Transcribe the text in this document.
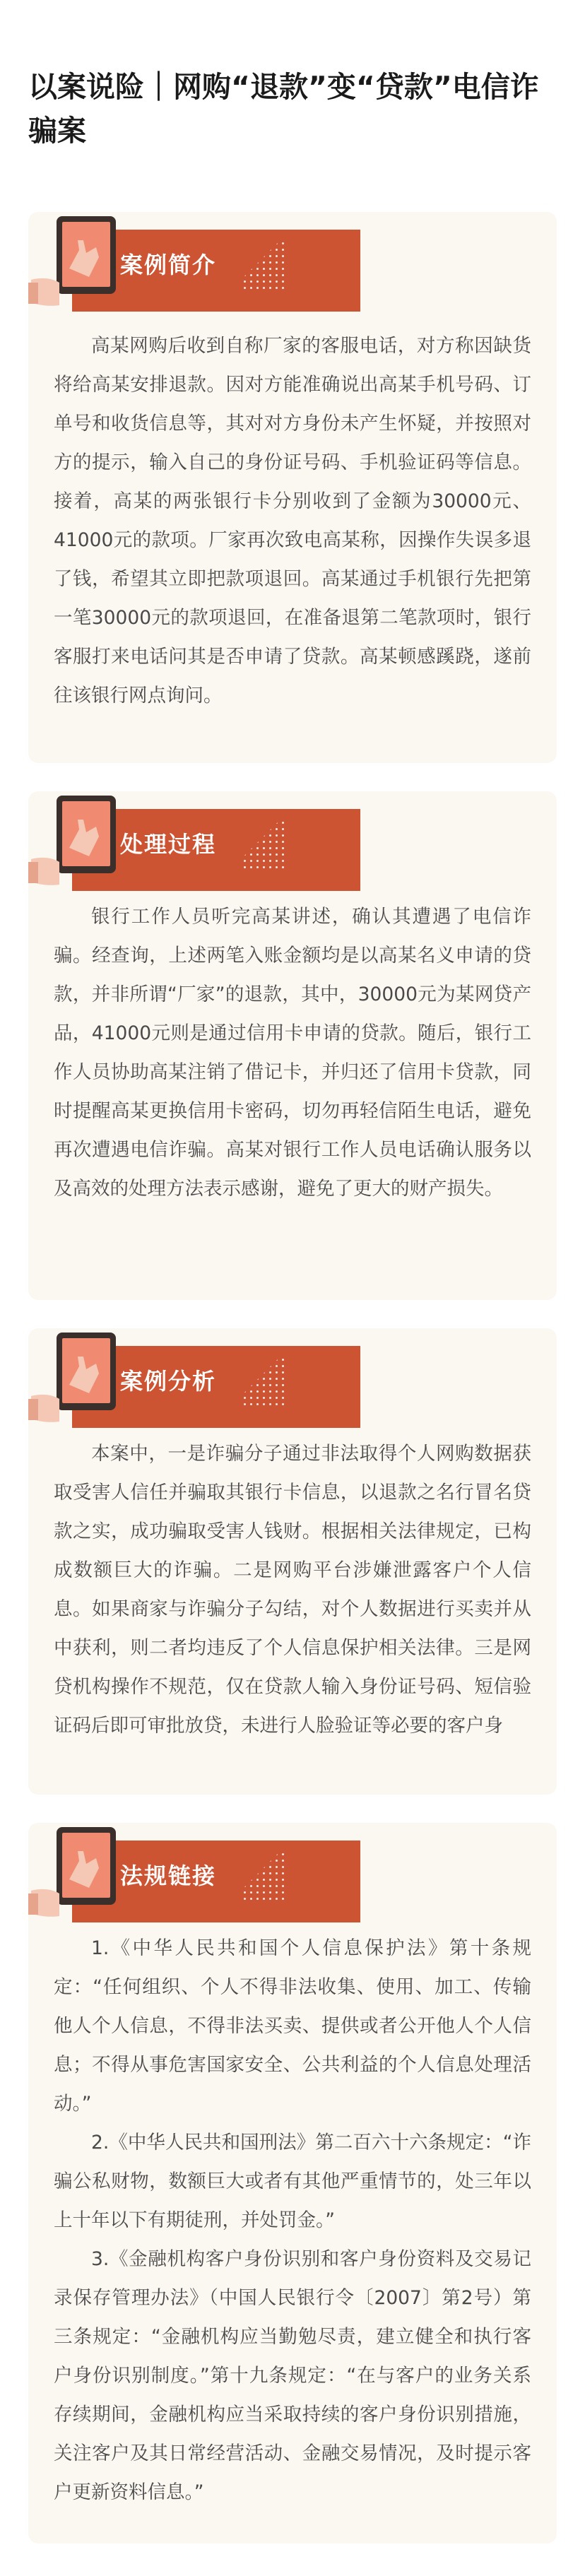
以案说险｜网购“退款”变“贷款”电信诈骗案
案例简介

高某网购后收到自称厂家的客服电话，对方称因缺货将给高某安排退款。因对方能准确说出高某手机号码、订单号和收货信息等，其对对方身份未产生怀疑，并按照对方的提示，输入自己的身份证号码、手机验证码等信息。接着，高某的两张银行卡分别收到了金额为30000元、41000元的款项。厂家再次致电高某称，因操作失误多退了钱，希望其立即把款项退回。高某通过手机银行先把第一笔30000元的款项退回，在准备退第二笔款项时，银行客服打来电话问其是否申请了贷款。高某顿感蹊跷，遂前往该银行网点询问。

处理过程

银行工作人员听完高某讲述，确认其遭遇了电信诈骗。经查询，上述两笔入账金额均是以高某名义申请的贷款，并非所谓“厂家”的退款，其中，30000元为某网贷产品，41000元则是通过信用卡申请的贷款。随后，银行工作人员协助高某注销了借记卡，并归还了信用卡贷款，同时提醒高某更换信用卡密码，切勿再轻信陌生电话，避免再次遭遇电信诈骗。高某对银行工作人员电话确认服务以及高效的处理方法表示感谢，避免了更大的财产损失。

案例分析

本案中，一是诈骗分子通过非法取得个人网购数据获取受害人信任并骗取其银行卡信息，以退款之名行冒名贷款之实，成功骗取受害人钱财。根据相关法律规定，已构成数额巨大的诈骗。二是网购平台涉嫌泄露客户个人信息。如果商家与诈骗分子勾结，对个人数据进行买卖并从中获利，则二者均违反了个人信息保护相关法律。三是网贷机构操作不规范，仅在贷款人输入身份证号码、短信验证码后即可审批放贷，未进行人脸验证等必要的客户身

法规链接

1.《中华人民共和国个人信息保护法》第十条规定：“任何组织、个人不得非法收集、使用、加工、传输他人个人信息，不得非法买卖、提供或者公开他人个人信息；不得从事危害国家安全、公共利益的个人信息处理活动。”

2.《中华人民共和国刑法》第二百六十六条规定：“诈骗公私财物，数额巨大或者有其他严重情节的，处三年以上十年以下有期徒刑，并处罚金。”

3.《金融机构客户身份识别和客户身份资料及交易记录保存管理办法》（中国人民银行令〔2007〕第2号）第三条规定：“金融机构应当勤勉尽责，建立健全和执行客户身份识别制度。”第十九条规定：“在与客户的业务关系存续期间，金融机构应当采取持续的客户身份识别措施，关注客户及其日常经营活动、金融交易情况，及时提示客户更新资料信息。”
